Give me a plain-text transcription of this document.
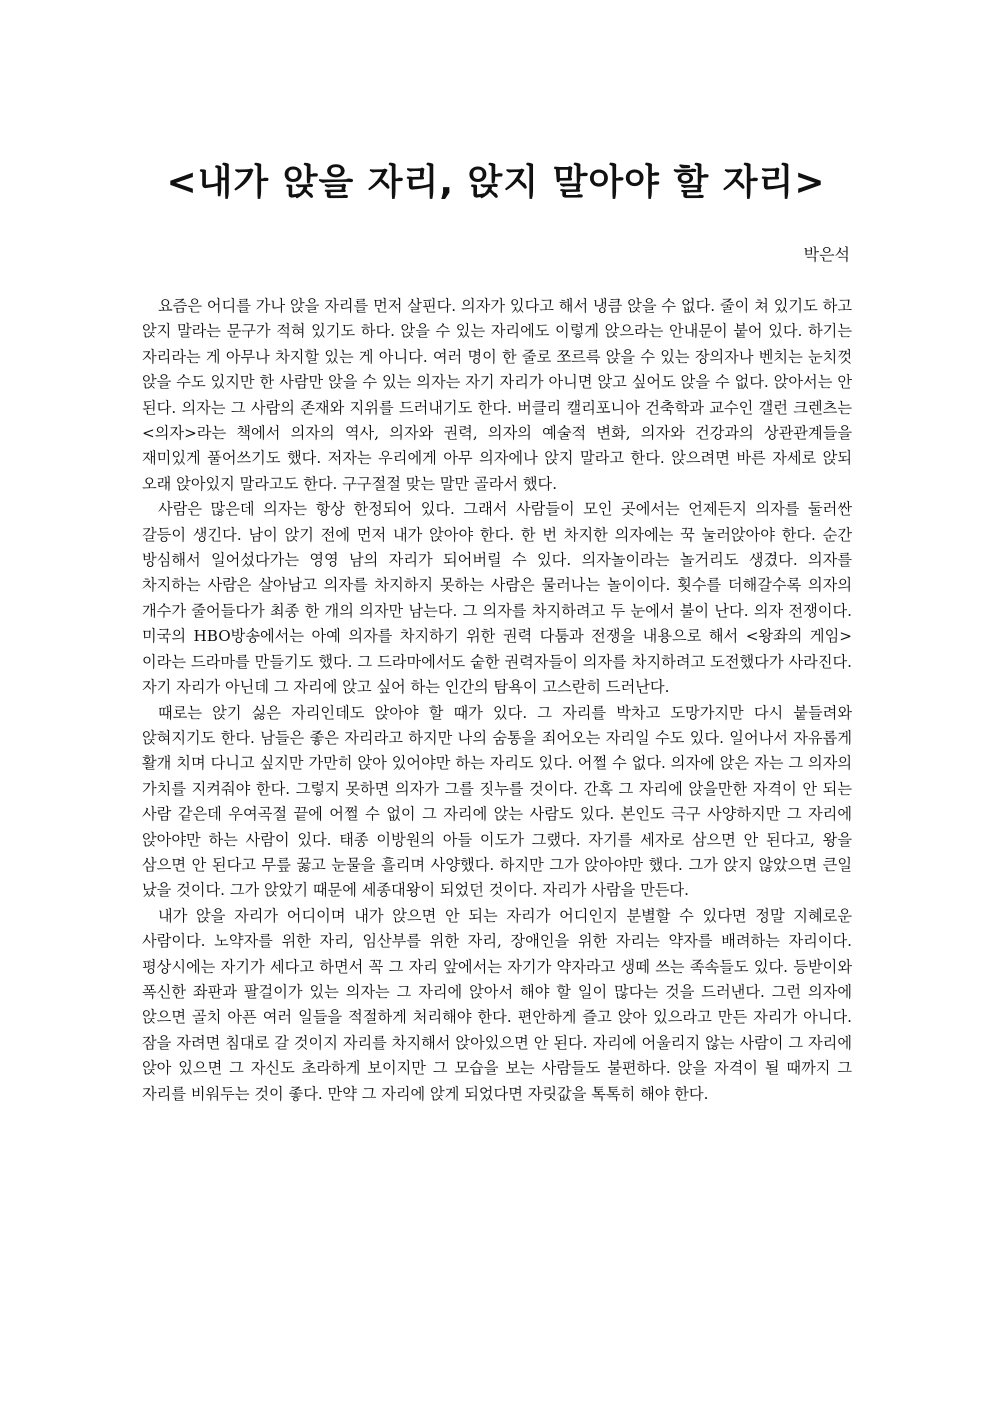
<내가 앉을 자리, 앉지 말아야 할 자리>
박은석

요즘은 어디를 가나 앉을 자리를 먼저 살핀다. 의자가 있다고 해서 냉큼 앉을 수 없다. 줄이 쳐 있기도 하고 앉지 말라는 문구가 적혀 있기도 하다. 앉을 수 있는 자리에도 이렇게 앉으라는 안내문이 붙어 있다. 하기는 자리라는 게 아무나 차지할 있는 게 아니다. 여러 명이 한 줄로 쪼르륵 앉을 수 있는 장의자나 벤치는 눈치껏 앉을 수도 있지만 한 사람만 앉을 수 있는 의자는 자기 자리가 아니면 앉고 싶어도 앉을 수 없다. 앉아서는 안 된다. 의자는 그 사람의 존재와 지위를 드러내기도 한다. 버클리 캘리포니아 건축학과 교수인 갤런 크렌츠는 <의자>라는 책에서 의자의 역사, 의자와 권력, 의자의 예술적 변화, 의자와 건강과의 상관관계들을 재미있게 풀어쓰기도 했다. 저자는 우리에게 아무 의자에나 앉지 말라고 한다. 앉으려면 바른 자세로 앉되 오래 앉아있지 말라고도 한다. 구구절절 맞는 말만 골라서 했다.

사람은 많은데 의자는 항상 한정되어 있다. 그래서 사람들이 모인 곳에서는 언제든지 의자를 둘러싼 갈등이 생긴다. 남이 앉기 전에 먼저 내가 앉아야 한다. 한 번 차지한 의자에는 꾹 눌러앉아야 한다. 순간 방심해서 일어섰다가는 영영 남의 자리가 되어버릴 수 있다. 의자놀이라는 놀거리도 생겼다. 의자를 차지하는 사람은 살아남고 의자를 차지하지 못하는 사람은 물러나는 놀이이다. 횟수를 더해갈수록 의자의 개수가 줄어들다가 최종 한 개의 의자만 남는다. 그 의자를 차지하려고 두 눈에서 불이 난다. 의자 전쟁이다. 미국의 HBO방송에서는 아예 의자를 차지하기 위한 권력 다툼과 전쟁을 내용으로 해서 <왕좌의 게임>이라는 드라마를 만들기도 했다. 그 드라마에서도 숱한 권력자들이 의자를 차지하려고 도전했다가 사라진다. 자기 자리가 아닌데 그 자리에 앉고 싶어 하는 인간의 탐욕이 고스란히 드러난다.

때로는 앉기 싫은 자리인데도 앉아야 할 때가 있다. 그 자리를 박차고 도망가지만 다시 붙들려와 앉혀지기도 한다. 남들은 좋은 자리라고 하지만 나의 숨통을 죄어오는 자리일 수도 있다. 일어나서 자유롭게 활개 치며 다니고 싶지만 가만히 앉아 있어야만 하는 자리도 있다. 어쩔 수 없다. 의자에 앉은 자는 그 의자의 가치를 지켜줘야 한다. 그렇지 못하면 의자가 그를 짓누를 것이다. 간혹 그 자리에 앉을만한 자격이 안 되는 사람 같은데 우여곡절 끝에 어쩔 수 없이 그 자리에 앉는 사람도 있다. 본인도 극구 사양하지만 그 자리에 앉아야만 하는 사람이 있다. 태종 이방원의 아들 이도가 그랬다. 자기를 세자로 삼으면 안 된다고, 왕을 삼으면 안 된다고 무릎 꿇고 눈물을 흘리며 사양했다. 하지만 그가 앉아야만 했다. 그가 앉지 않았으면 큰일 났을 것이다. 그가 앉았기 때문에 세종대왕이 되었던 것이다. 자리가 사람을 만든다.

내가 앉을 자리가 어디이며 내가 앉으면 안 되는 자리가 어디인지 분별할 수 있다면 정말 지혜로운 사람이다. 노약자를 위한 자리, 임산부를 위한 자리, 장애인을 위한 자리는 약자를 배려하는 자리이다. 평상시에는 자기가 세다고 하면서 꼭 그 자리 앞에서는 자기가 약자라고 생떼 쓰는 족속들도 있다. 등받이와 폭신한 좌판과 팔걸이가 있는 의자는 그 자리에 앉아서 해야 할 일이 많다는 것을 드러낸다. 그런 의자에 앉으면 골치 아픈 여러 일들을 적절하게 처리해야 한다. 편안하게 즐고 앉아 있으라고 만든 자리가 아니다. 잠을 자려면 침대로 갈 것이지 자리를 차지해서 앉아있으면 안 된다. 자리에 어울리지 않는 사람이 그 자리에 앉아 있으면 그 자신도 초라하게 보이지만 그 모습을 보는 사람들도 불편하다. 앉을 자격이 될 때까지 그 자리를 비워두는 것이 좋다. 만약 그 자리에 앉게 되었다면 자릿값을 톡톡히 해야 한다.
